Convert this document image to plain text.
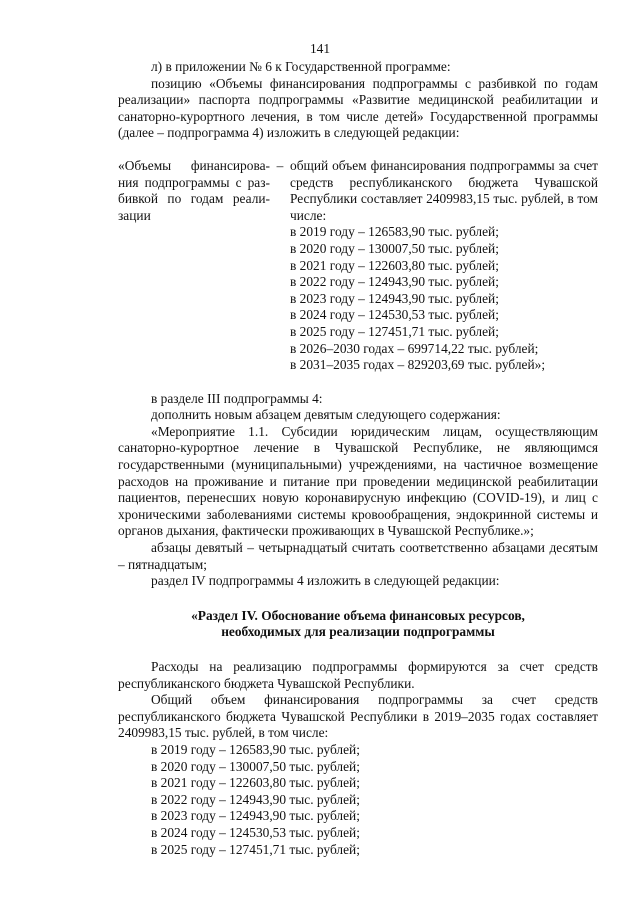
141

л) в приложении № 6 к Государственной программе:

позицию «Объемы финансирования подпрограммы с разбивкой по годам реализации» паспорта подпрограммы «Развитие медицинской реабилитации и санаторно-курортного лечения, в том числе детей» Государственной программы (далее – подпрограмма 4) изложить в следующей редакции:

«Объемы финансирова-ния подпрограммы с раз-бивкой по годам реали-зации
– общий объем финансирования подпрограммы за счет средств республиканского бюджета Чувашской Республики составляет 2409983,15 тыс. рублей, в том числе:

в 2019 году – 126583,90 тыс. рублей;
в 2020 году – 130007,50 тыс. рублей;
в 2021 году – 122603,80 тыс. рублей;
в 2022 году – 124943,90 тыс. рублей;
в 2023 году – 124943,90 тыс. рублей;
в 2024 году – 124530,53 тыс. рублей;
в 2025 году – 127451,71 тыс. рублей;
в 2026–2030 годах – 699714,22 тыс. рублей;
в 2031–2035 годах – 829203,69 тыс. рублей»;

в разделе III подпрограммы 4:

дополнить новым абзацем девятым следующего содержания:

«Мероприятие 1.1. Субсидии юридическим лицам, осуществляющим санаторно-курортное лечение в Чувашской Республике, не являющимся государственными (муниципальными) учреждениями, на частичное возмещение расходов на проживание и питание при проведении медицинской реабилитации пациентов, перенесших новую коронавирусную инфекцию (COVID-19), и лиц с хроническими заболеваниями системы кровообращения, эндокринной системы и органов дыхания, фактически проживающих в Чувашской Республике.»;

абзацы девятый – четырнадцатый считать соответственно абзацами десятым – пятнадцатым;

раздел IV подпрограммы 4 изложить в следующей редакции:

«Раздел IV. Обоснование объема финансовых ресурсов,
необходимых для реализации подпрограммы

Расходы на реализацию подпрограммы формируются за счет средств республиканского бюджета Чувашской Республики.

Общий объем финансирования подпрограммы за счет средств республиканского бюджета Чувашской Республики в 2019–2035 годах составляет 2409983,15 тыс. рублей, в том числе:

в 2019 году – 126583,90 тыс. рублей;
в 2020 году – 130007,50 тыс. рублей;
в 2021 году – 122603,80 тыс. рублей;
в 2022 году – 124943,90 тыс. рублей;
в 2023 году – 124943,90 тыс. рублей;
в 2024 году – 124530,53 тыс. рублей;
в 2025 году – 127451,71 тыс. рублей;
